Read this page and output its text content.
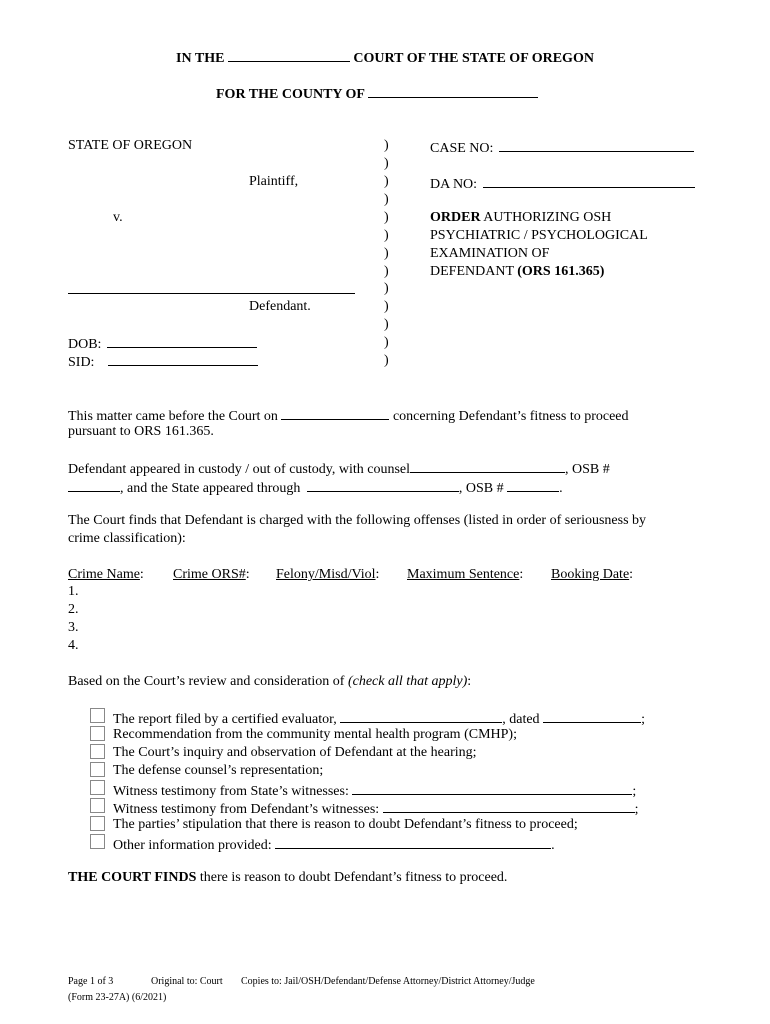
IN THE	COURT OF THE STATE OF OREGON
FOR THE COUNTY OF
STATE OF OREGON
Plaintiff,
v.
Defendant.
DOB:
SID:
)
)
)
)
)
)
)
)
)
)
)
)
)
CASE NO:
DA NO:
ORDER AUTHORIZING OSH
PSYCHIATRIC / PSYCHOLOGICAL
EXAMINATION OF
DEFENDANT (ORS 161.365)
This matter came before the Court on	concerning Defendant’s fitness to proceed
pursuant to ORS 161.365.
Defendant appeared in custody / out of custody, with counsel	, OSB #
, and the State appeared through	, OSB #	.
The Court finds that Defendant is charged with the following offenses (listed in order of seriousness by
crime classification):
Crime Name: Crime ORS#: Felony/Misd/Viol: Maximum Sentence: Booking Date:
1.
2.
3.
4.
Based on the Court’s review and consideration of (check all that apply):
The report filed by a certified evaluator,	, dated	;
Recommendation from the community mental health program (CMHP);
The Court’s inquiry and observation of Defendant at the hearing;
The defense counsel’s representation;
Witness testimony from State’s witnesses:	;
Witness testimony from Defendant’s witnesses:	;
The parties’ stipulation that there is reason to doubt Defendant’s fitness to proceed;
Other information provided:	.
THE COURT FINDS there is reason to doubt Defendant’s fitness to proceed.
Page 1 of 3	Original to: Court Copies to: Jail/OSH/Defendant/Defense Attorney/District Attorney/Judge
(Form 23-27A) (6/2021)
